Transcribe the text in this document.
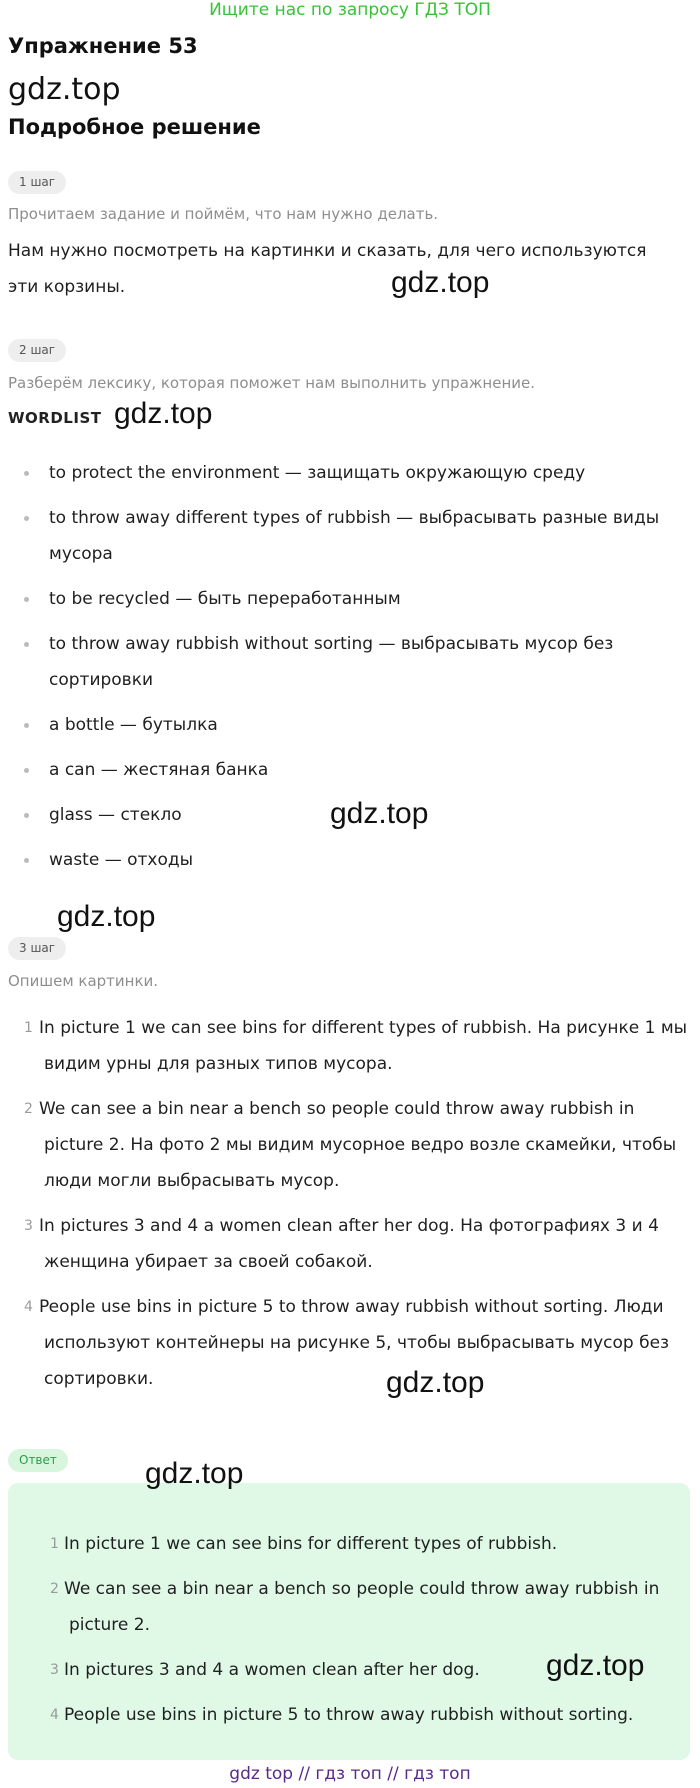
Ищите нас по запросу ГДЗ ТОП
Упражнение 53
gdz.top
Подробное решение
1 шаг
Прочитаем задание и поймём, что нам нужно делать.
Нам нужно посмотреть на картинки и сказать, для чего используются эти корзины.	gdz.top
2 шаг
Разберём лексику, которая поможет нам выполнить упражнение.
WORDLIST gdz.top
to protect the environment — защищать окружающую среду
to throw away different types of rubbish — выбрасывать разные виды мусора
to be recycled — быть переработанным
to throw away rubbish without sorting — выбрасывать мусор без сортировки
a bottle — бутылка
a can — жестяная банка
glass — стекло
waste — отходы
gdz.top
gdz.top
3 шаг
Опишем картинки.
1 In picture 1 we can see bins for different types of rubbish. На рисунке 1 мы видим урны для разных типов мусора.
2 We can see a bin near a bench so people could throw away rubbish in picture 2. На фото 2 мы видим мусорное ведро возле скамейки, чтобы люди могли выбрасывать мусор.
3 In pictures 3 and 4 a women clean after her dog. На фотографиях 3 и 4 женщина убирает за своей собакой.
4 People use bins in picture 5 to throw away rubbish without sorting. Люди используют контейнеры на рисунке 5, чтобы выбрасывать мусор без сортировки.	gdz.top
Ответ	gdz.top
1 In picture 1 we can see bins for different types of rubbish.
2 We can see a bin near a bench so people could throw away rubbish in picture 2.
3 In pictures 3 and 4 a women clean after her dog.
4 People use bins in picture 5 to throw away rubbish without sorting.
gdz.top
gdz top // гдз топ // гдз топ
